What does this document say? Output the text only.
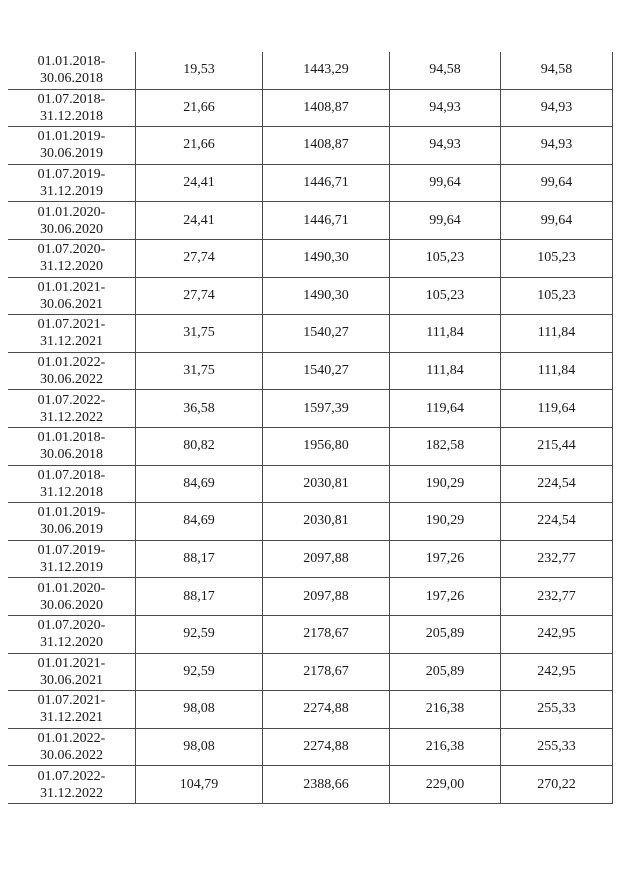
01.01.2018-
30.06.2018	19,53	1443,29	94,58	94,58
01.07.2018-
31.12.2018	21,66	1408,87	94,93	94,93
01.01.2019-
30.06.2019	21,66	1408,87	94,93	94,93
01.07.2019-
31.12.2019	24,41	1446,71	99,64	99,64
01.01.2020-
30.06.2020	24,41	1446,71	99,64	99,64
01.07.2020-
31.12.2020	27,74	1490,30	105,23	105,23
01.01.2021-
30.06.2021	27,74	1490,30	105,23	105,23
01.07.2021-
31.12.2021	31,75	1540,27	111,84	111,84
01.01.2022-
30.06.2022	31,75	1540,27	111,84	111,84
01.07.2022-
31.12.2022	36,58	1597,39	119,64	119,64
01.01.2018-
30.06.2018	80,82	1956,80	182,58	215,44
01.07.2018-
31.12.2018	84,69	2030,81	190,29	224,54
01.01.2019-
30.06.2019	84,69	2030,81	190,29	224,54
01.07.2019-
31.12.2019	88,17	2097,88	197,26	232,77
01.01.2020-
30.06.2020	88,17	2097,88	197,26	232,77
01.07.2020-
31.12.2020	92,59	2178,67	205,89	242,95
01.01.2021-
30.06.2021	92,59	2178,67	205,89	242,95
01.07.2021-
31.12.2021	98,08	2274,88	216,38	255,33
01.01.2022-
30.06.2022	98,08	2274,88	216,38	255,33
01.07.2022-
31.12.2022	104,79	2388,66	229,00	270,22
